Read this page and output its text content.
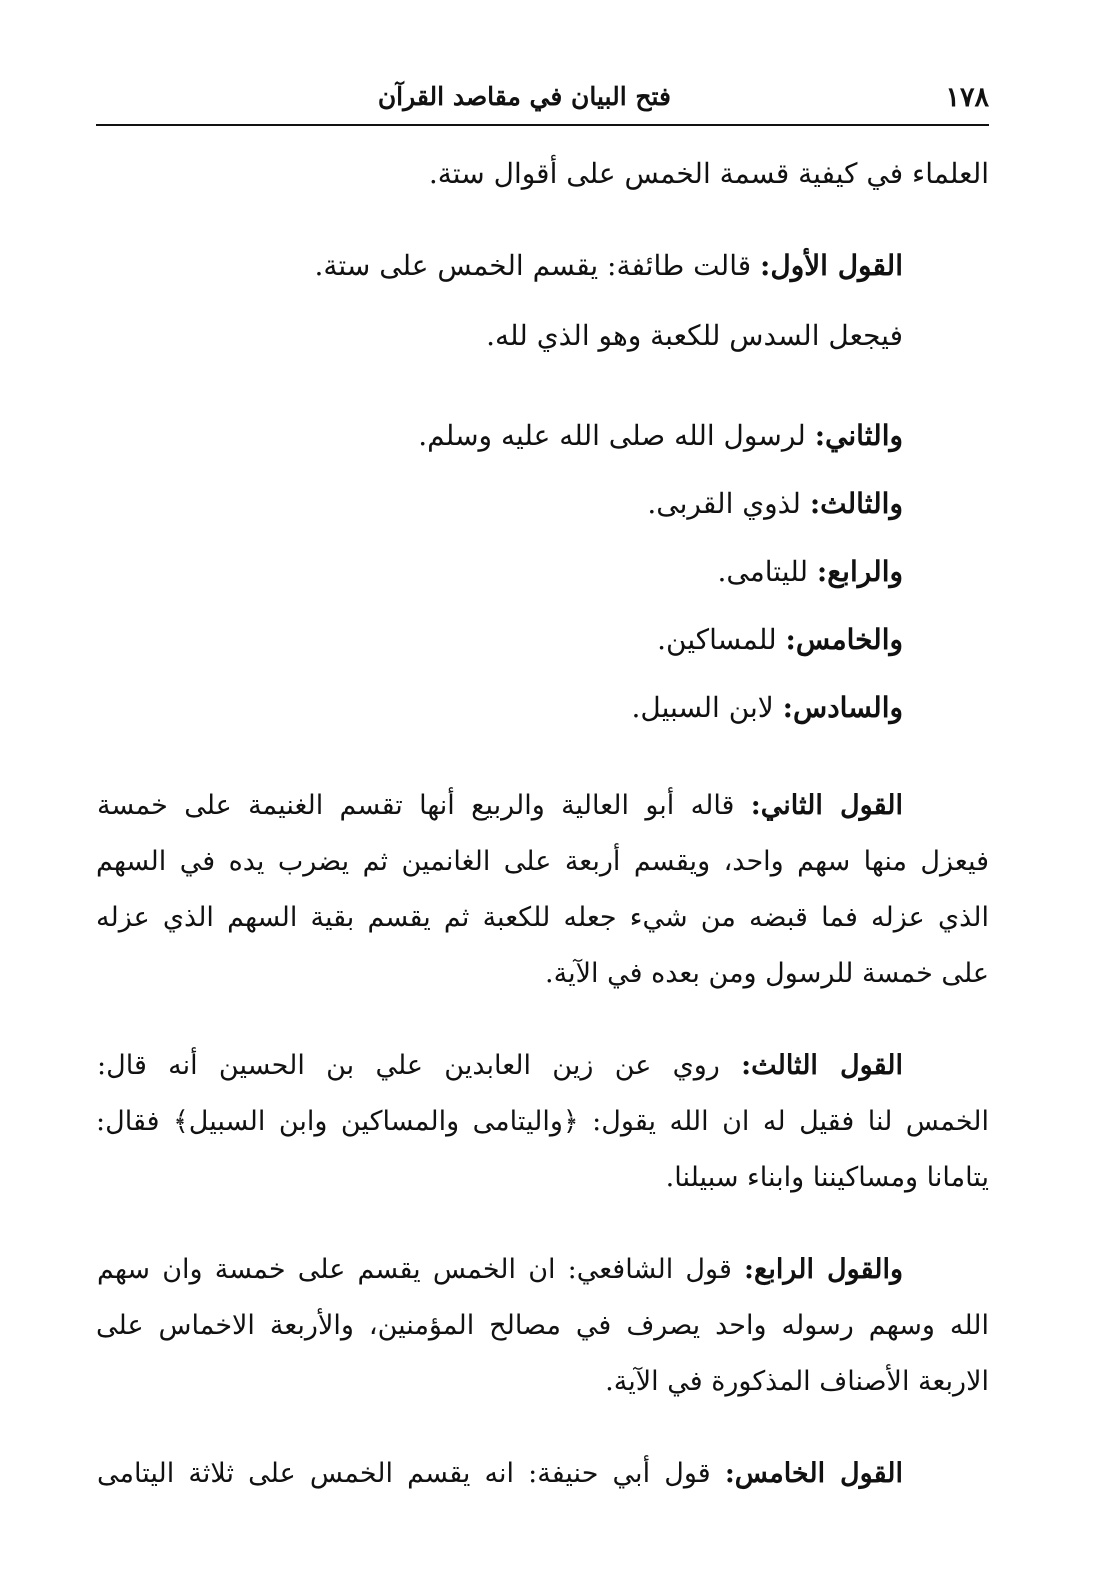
١٧٨
فتح البيان في مقاصد القرآن
العلماء في كيفية قسمة الخمس على أقوال ستة.
القول الأول: قالت طائفة: يقسم الخمس على ستة.
فيجعل السدس للكعبة وهو الذي لله.
والثاني: لرسول الله صلى الله عليه وسلم.
والثالث: لذوي القربى.
والرابع: لليتامى.
والخامس: للمساكين.
والسادس: لابن السبيل.
القول الثاني: قاله أبو العالية والربيع أنها تقسم الغنيمة على خمسة
فيعزل منها سهم واحد، ويقسم أربعة على الغانمين ثم يضرب يده في السهم
الذي عزله فما قبضه من شيء جعله للكعبة ثم يقسم بقية السهم الذي عزله
على خمسة للرسول ومن بعده في الآية.
القول الثالث: روي عن زين العابدين علي بن الحسين أنه قال:
الخمس لنا فقيل له ان الله يقول: ﴿واليتامى والمساكين وابن السبيل﴾ فقال:
يتامانا ومساكيننا وابناء سبيلنا.
والقول الرابع: قول الشافعي: ان الخمس يقسم على خمسة وان سهم
الله وسهم رسوله واحد يصرف في مصالح المؤمنين، والأربعة الاخماس على
الاربعة الأصناف المذكورة في الآية.
القول الخامس: قول أبي حنيفة: انه يقسم الخمس على ثلاثة اليتامى
